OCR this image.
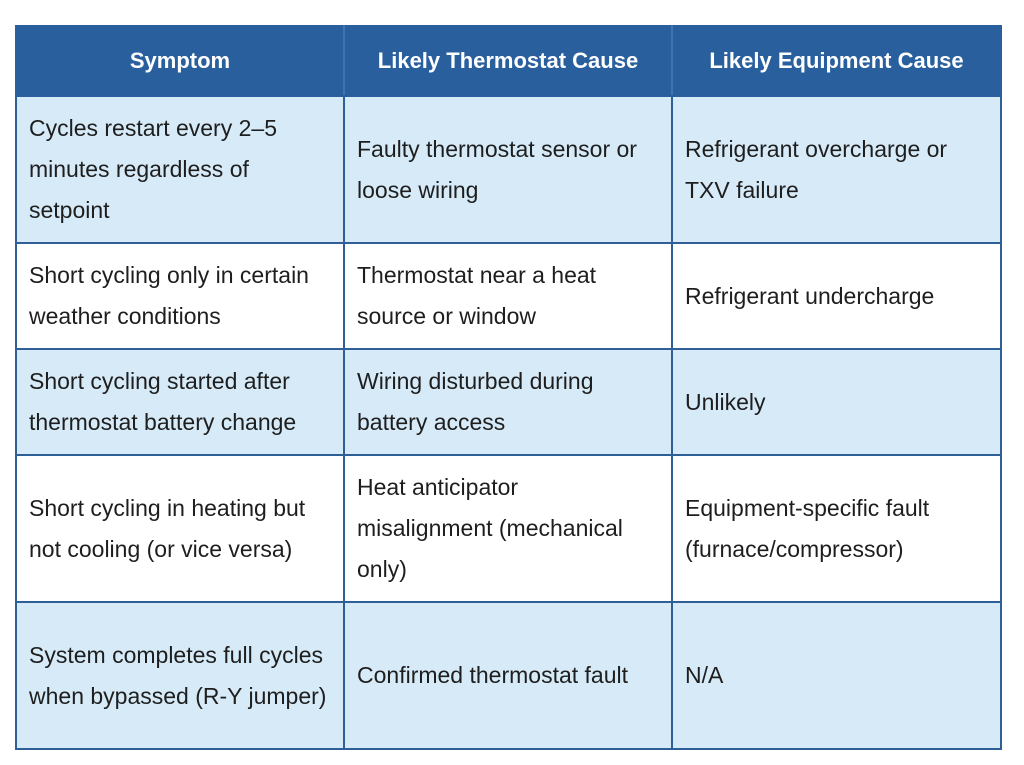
Symptom	Likely Thermostat Cause	Likely Equipment Cause
Cycles restart every 2–5 minutes regardless of setpoint	Faulty thermostat sensor or loose wiring	Refrigerant overcharge or TXV failure
Short cycling only in certain weather conditions	Thermostat near a heat source or window	Refrigerant undercharge
Short cycling started after thermostat battery change	Wiring disturbed during battery access	Unlikely
Short cycling in heating but not cooling (or vice versa)	Heat anticipator misalignment (mechanical only)	Equipment-specific fault (furnace/compressor)
System completes full cycles when bypassed (R-Y jumper)	Confirmed thermostat fault	N/A
